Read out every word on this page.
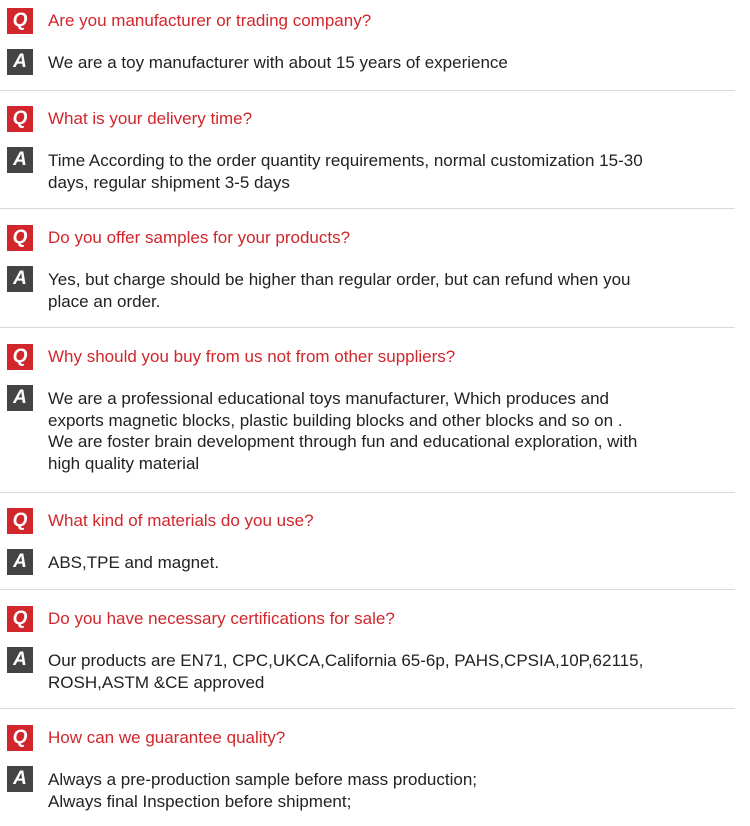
Q	Are you manufacturer or trading company?
A	We are a toy manufacturer with about 15 years of experience
Q	What is your delivery time?
A	Time According to the order quantity requirements, normal customization 15-30
days, regular shipment 3-5 days
Q	Do you offer samples for your products?
A	Yes, but charge should be higher than regular order, but can refund when you
place an order.
Q	Why should you buy from us not from other suppliers?
A	We are a professional educational toys manufacturer, Which produces and
exports magnetic blocks, plastic building blocks and other blocks and so on .
We are foster brain development through fun and educational exploration, with
high quality material
Q	What kind of materials do you use?
A	ABS,TPE and magnet.
Q	Do you have necessary certifications for sale?
A	Our products are EN71, CPC,UKCA,California 65-6p, PAHS,CPSIA,10P,62115,
ROSH,ASTM &CE approved
Q	How can we guarantee quality?
A	Always a pre-production sample before mass production;
Always final Inspection before shipment;
